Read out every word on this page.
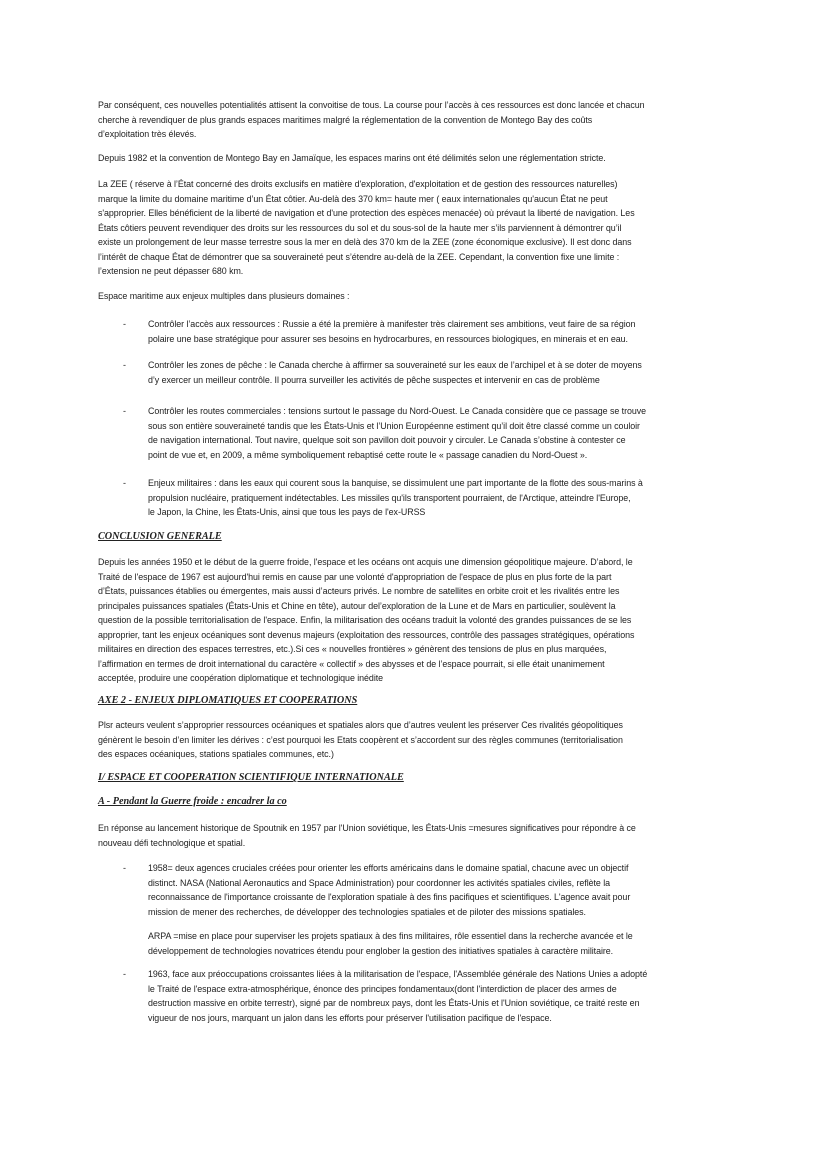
Par conséquent, ces nouvelles potentialités attisent la convoitise de tous. La course pour l’accès à ces ressources est donc lancée et chacun
cherche à revendiquer de plus grands espaces maritimes malgré la réglementation de la convention de Montego Bay des coûts
d’exploitation très élevés.
Depuis 1982 et la convention de Montego Bay en Jamaïque, les espaces marins ont été délimités selon une réglementation stricte.
La ZEE ( réserve à l’État concerné des droits exclusifs en matière d'exploration, d'exploitation et de gestion des ressources naturelles)
marque la limite du domaine maritime d’un État côtier. Au-delà des 370 km= haute mer ( eaux internationales qu'aucun État ne peut
s'approprier. Elles bénéficient de la liberté de navigation et d'une protection des espèces menacée) où prévaut la liberté de navigation. Les
États côtiers peuvent revendiquer des droits sur les ressources du sol et du sous-sol de la haute mer s’ils parviennent à démontrer qu’il
existe un prolongement de leur masse terrestre sous la mer en delà des 370 km de la ZEE (zone économique exclusive). Il est donc dans
l’intérêt de chaque État de démontrer que sa souveraineté peut s’étendre au-delà de la ZEE. Cependant, la convention fixe une limite :
l’extension ne peut dépasser 680 km.
Espace maritime aux enjeux multiples dans plusieurs domaines :
- Contrôler l’accès aux ressources : Russie a été la première à manifester très clairement ses ambitions, veut faire de sa région
polaire une base stratégique pour assurer ses besoins en hydrocarbures, en ressources biologiques, en minerais et en eau.
- Contrôler les zones de pêche : le Canada cherche à affirmer sa souveraineté sur les eaux de l’archipel et à se doter de moyens
d’y exercer un meilleur contrôle. Il pourra surveiller les activités de pêche suspectes et intervenir en cas de problème
- Contrôler les routes commerciales : tensions surtout le passage du Nord-Ouest. Le Canada considère que ce passage se trouve
sous son entière souveraineté tandis que les États-Unis et l’Union Européenne estiment qu’il doit être classé comme un couloir
de navigation international. Tout navire, quelque soit son pavillon doit pouvoir y circuler. Le Canada s’obstine à contester ce
point de vue et, en 2009, a même symboliquement rebaptisé cette route le « passage canadien du Nord-Ouest ».
- Enjeux militaires : dans les eaux qui courent sous la banquise, se dissimulent une part importante de la flotte des sous-marins à
propulsion nucléaire, pratiquement indétectables. Les missiles qu'ils transportent pourraient, de l'Arctique, atteindre l'Europe,
le Japon, la Chine, les États-Unis, ainsi que tous les pays de l'ex-URSS
CONCLUSION GENERALE
Depuis les années 1950 et le début de la guerre froide, l'espace et les océans ont acquis une dimension géopolitique majeure. D’abord, le
Traité de l'espace de 1967 est aujourd'hui remis en cause par une volonté d'appropriation de l'espace de plus en plus forte de la part
d’États, puissances établies ou émergentes, mais aussi d’acteurs privés. Le nombre de satellites en orbite croit et les rivalités entre les
principales puissances spatiales (États-Unis et Chine en tête), autour del’exploration de la Lune et de Mars en particulier, soulèvent la
question de la possible territorialisation de l'espace. Enfin, la militarisation des océans traduit la volonté des grandes puissances de se les
approprier, tant les enjeux océaniques sont devenus majeurs (exploitation des ressources, contrôle des passages stratégiques, opérations
militaires en direction des espaces terrestres, etc.).Si ces « nouvelles frontières » génèrent des tensions de plus en plus marquées,
l’affirmation en termes de droit international du caractère « collectif » des abysses et de l’espace pourrait, si elle était unanimement
acceptée, produire une coopération diplomatique et technologique inédite
AXE 2 - ENJEUX DIPLOMATIQUES ET COOPERATIONS
Plsr acteurs veulent s’approprier ressources océaniques et spatiales alors que d’autres veulent les préserver Ces rivalités géopolitiques
génèrent le besoin d’en limiter les dérives : c’est pourquoi les Etats coopèrent et s’accordent sur des règles communes (territorialisation
des espaces océaniques, stations spatiales communes, etc.)
I/ ESPACE ET COOPERATION SCIENTIFIQUE INTERNATIONALE
A - Pendant la Guerre froide : encadrer la co
En réponse au lancement historique de Spoutnik en 1957 par l'Union soviétique, les États-Unis =mesures significatives pour répondre à ce
nouveau défi technologique et spatial.
- 1958= deux agences cruciales créées pour orienter les efforts américains dans le domaine spatial, chacune avec un objectif
distinct. NASA (National Aeronautics and Space Administration) pour coordonner les activités spatiales civiles, reflète la
reconnaissance de l'importance croissante de l'exploration spatiale à des fins pacifiques et scientifiques. L'agence avait pour
mission de mener des recherches, de développer des technologies spatiales et de piloter des missions spatiales.
ARPA =mise en place pour superviser les projets spatiaux à des fins militaires, rôle essentiel dans la recherche avancée et le
développement de technologies novatrices étendu pour englober la gestion des initiatives spatiales à caractère militaire.
- 1963, face aux préoccupations croissantes liées à la militarisation de l'espace, l'Assemblée générale des Nations Unies a adopté
le Traité de l'espace extra-atmosphérique, énonce des principes fondamentaux(dont l'interdiction de placer des armes de
destruction massive en orbite terrestr), signé par de nombreux pays, dont les États-Unis et l'Union soviétique, ce traité reste en
vigueur de nos jours, marquant un jalon dans les efforts pour préserver l'utilisation pacifique de l'espace.
